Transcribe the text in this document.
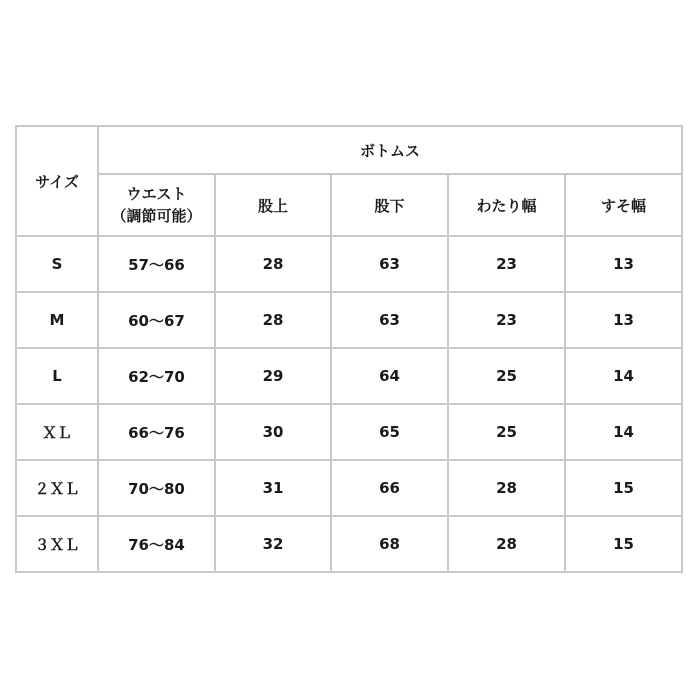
サイズ	ボトムス				

	ウエスト
（調節可能）	股上	股下	わたり幅	すそ幅
S	57〜66	28	63	23	13
M	60〜67	28	63	23	13
L	62〜70	29	64	25	14
ＸＬ	66〜76	30	65	25	14
２ＸＬ	70〜80	31	66	28	15
３ＸＬ	76〜84	32	68	28	15
